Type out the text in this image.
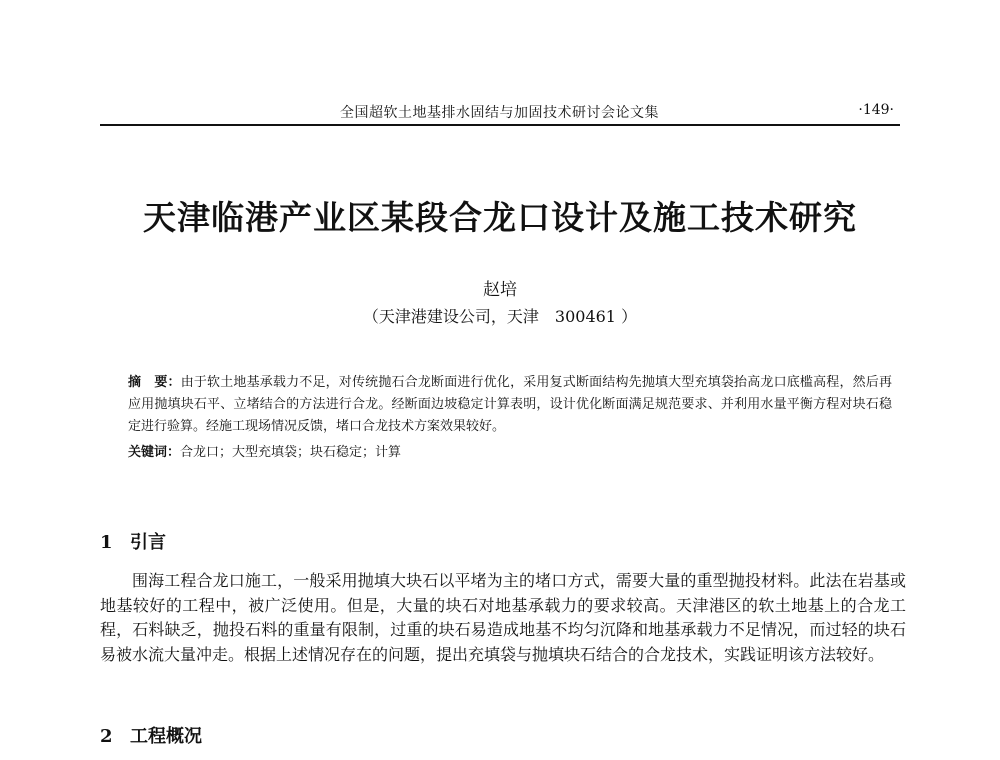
全国超软土地基排水固结与加固技术研讨会论文集	·149·
天津临港产业区某段合龙口设计及施工技术研究
赵培
（天津港建设公司，天津　300461 ）
摘　要：由于软土地基承载力不足，对传统抛石合龙断面进行优化，采用复式断面结构先抛填大型充填袋抬高龙口底槛高程，然后再应用抛填块石平、立堵结合的方法进行合龙。经断面边坡稳定计算表明，设计优化断面满足规范要求、并利用水量平衡方程对块石稳定进行验算。经施工现场情况反馈，堵口合龙技术方案效果较好。
关键词：合龙口；大型充填袋；块石稳定；计算
1 引言
围海工程合龙口施工，一般采用抛填大块石以平堵为主的堵口方式，需要大量的重型抛投材料。此法在岩基或地基较好的工程中，被广泛使用。但是，大量的块石对地基承载力的要求较高。天津港区的软土地基上的合龙工程，石料缺乏，抛投石料的重量有限制，过重的块石易造成地基不均匀沉降和地基承载力不足情况，而过轻的块石易被水流大量冲走。根据上述情况存在的问题，提出充填袋与抛填块石结合的合龙技术，实践证明该方法较好。
2 工程概况
